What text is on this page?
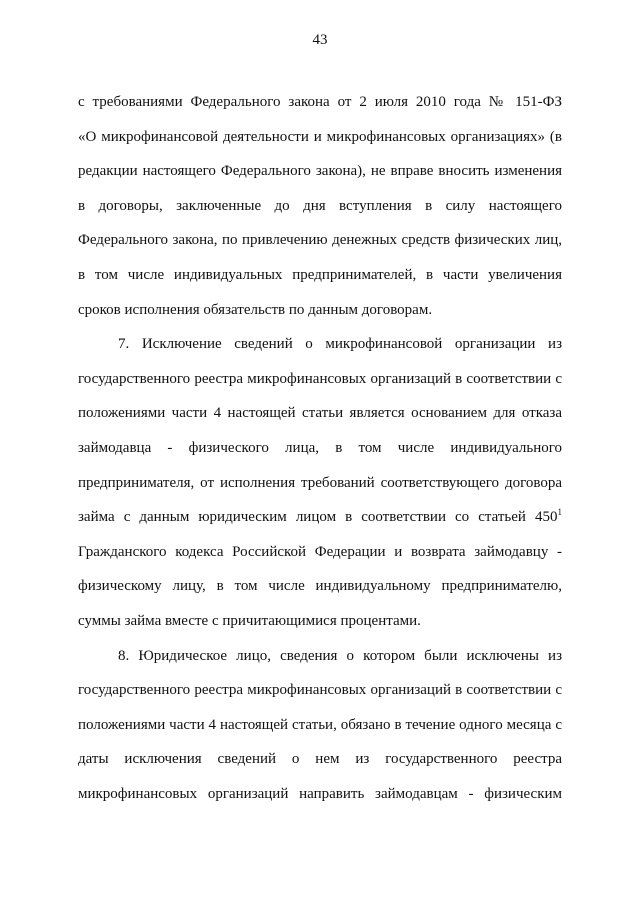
43
с требованиями Федерального закона от 2 июля 2010 года № 151-ФЗ
«О микрофинансовой деятельности и микрофинансовых организациях» (в
редакции настоящего Федерального закона), не вправе вносить изменения
в договоры, заключенные до дня вступления в силу настоящего
Федерального закона, по привлечению денежных средств физических лиц,
в том числе индивидуальных предпринимателей, в части увеличения
сроков исполнения обязательств по данным договорам.
7. Исключение сведений о микрофинансовой организации из
государственного реестра микрофинансовых организаций в соответствии с
положениями части 4 настоящей статьи является основанием для отказа
займодавца - физического лица, в том числе индивидуального
предпринимателя, от исполнения требований соответствующего договора
займа с данным юридическим лицом в соответствии со статьей $450^1$
Гражданского кодекса Российской Федерации и возврата займодавцу -
физическому лицу, в том числе индивидуальному предпринимателю,
суммы займа вместе с причитающимися процентами.
8. Юридическое лицо, сведения о котором были исключены из
государственного реестра микрофинансовых организаций в соответствии с
положениями части 4 настоящей статьи, обязано в течение одного месяца с
даты исключения сведений о нем из государственного реестра
микрофинансовых организаций направить займодавцам - физическим
